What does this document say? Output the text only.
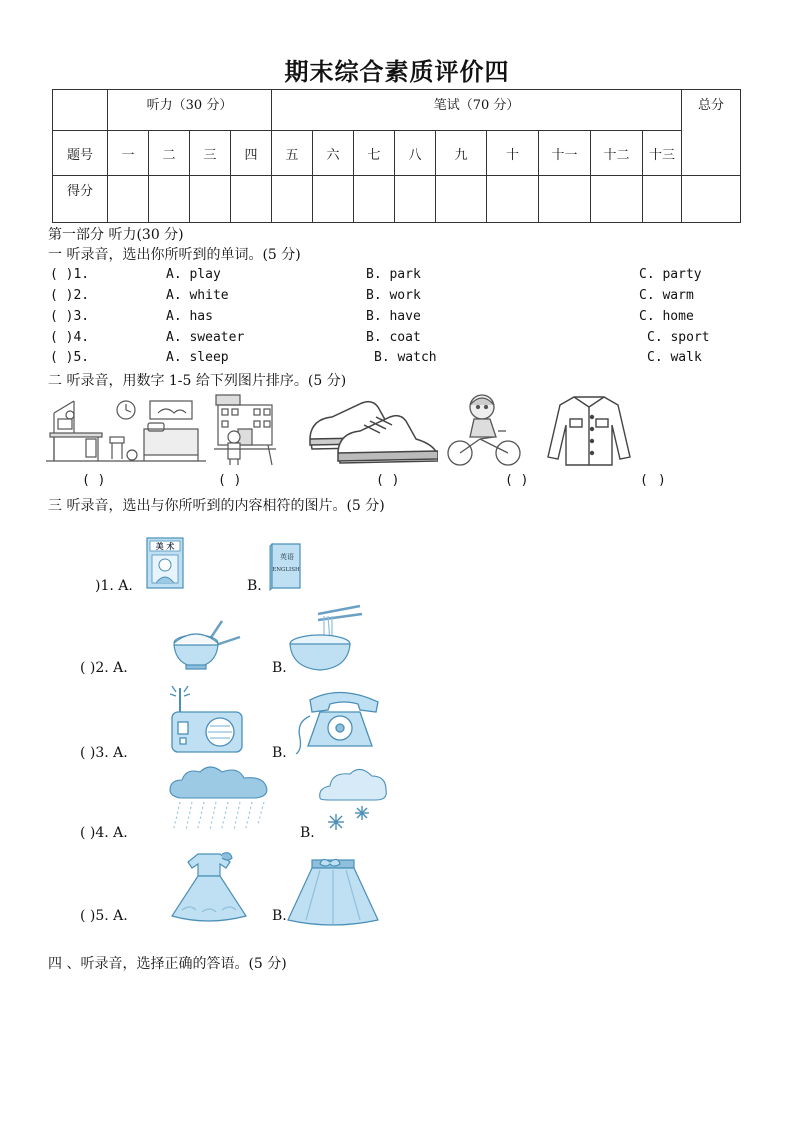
期末综合素质评价四
	听力（30 分）				笔试（70 分）									总分
题号	一	二	三	四	五	六	七	八	九	十	十一	十二	十三	
得分														
第一部分 听力(30 分)
一 听录音，选出你所听到的单词。(5 分)
( )1.	A. play	B. park	C. party
( )2.	A. white	B. work	C. warm
( )3.	A. has	B. have	C. home
( )4.	A. sweater	B. coat	C. sport
( )5.	A. sleep	B. watch	C. walk
二 听录音，用数字 1-5 给下列图片排序。(5 分)
( )	( )	( )	( )	( )
三 听录音，选出与你所听到的内容相符的图片。(5 分)
美 术
英语
ENGLISH
)1. A.	B.
( )2. A.	B.
( )3. A.	B.
( )4. A.	B.
( )5. A.	B.
四 、听录音，选择正确的答语。(5 分)
